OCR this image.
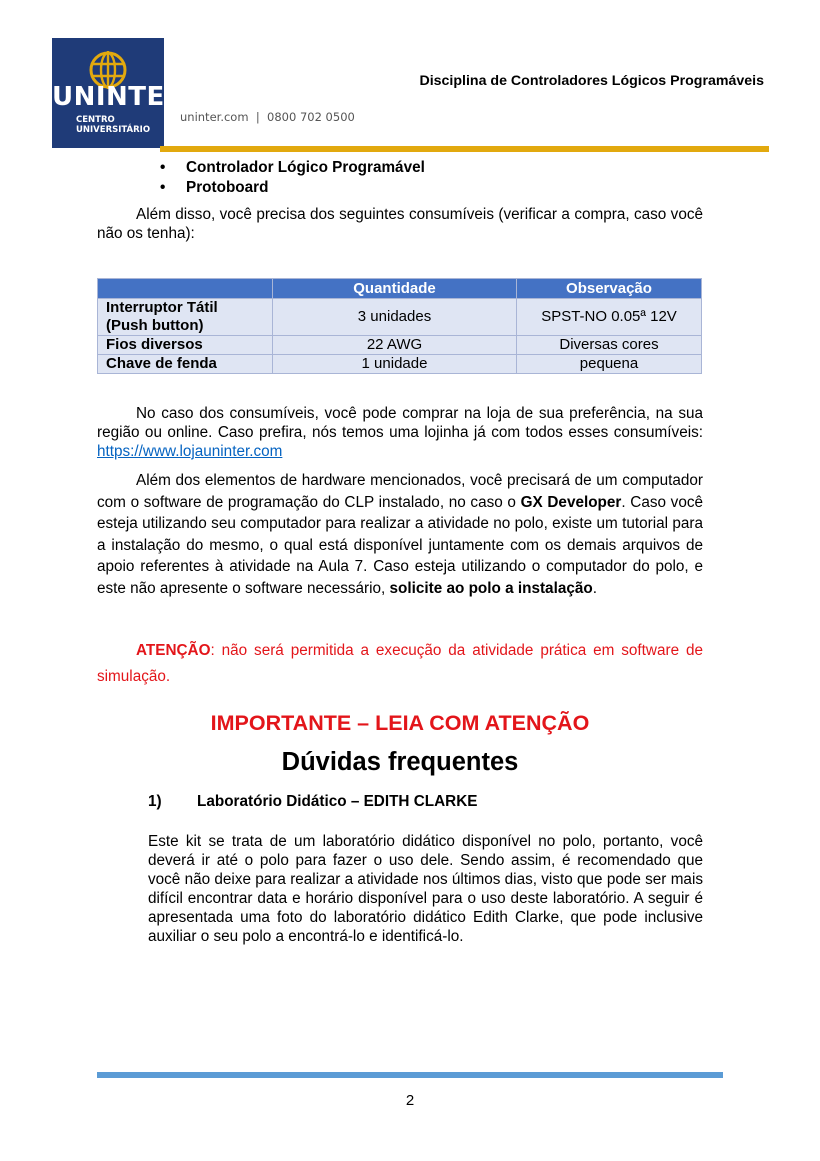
UNINTER
CENTRO
UNIVERSITÁRIO
uninter.com  |  0800 702 0500
Disciplina de Controladores Lógicos Programáveis
• Controlador Lógico Programável
• Protoboard
Além disso, você precisa dos seguintes consumíveis (verificar a compra, caso você não os tenha):
	Quantidade	Observação

Interruptor Tátil
(Push button)	3 unidades	SPST-NO 0.05ª 12V
Fios diversos	22 AWG	Diversas cores
Chave de fenda	1 unidade	pequena
No caso dos consumíveis, você pode comprar na loja de sua preferência, na sua região ou online. Caso prefira, nós temos uma lojinha já com todos esses consumíveis: https://www.lojauninter.com
Além dos elementos de hardware mencionados, você precisará de um computador com o software de programação do CLP instalado, no caso o GX Developer. Caso você esteja utilizando seu computador para realizar a atividade no polo, existe um tutorial para a instalação do mesmo, o qual está disponível juntamente com os demais arquivos de apoio referentes à atividade na Aula 7. Caso esteja utilizando o computador do polo, e este não apresente o software necessário, solicite ao polo a instalação.
ATENÇÃO: não será permitida a execução da atividade prática em software de simulação.
IMPORTANTE – LEIA COM ATENÇÃO
Dúvidas frequentes
1) Laboratório Didático – EDITH CLARKE
Este kit se trata de um laboratório didático disponível no polo, portanto, você deverá ir até o polo para fazer o uso dele. Sendo assim, é recomendado que você não deixe para realizar a atividade nos últimos dias, visto que pode ser mais difícil encontrar data e horário disponível para o uso deste laboratório. A seguir é apresentada uma foto do laboratório didático Edith Clarke, que pode inclusive auxiliar o seu polo a encontrá-lo e identificá-lo.
2
